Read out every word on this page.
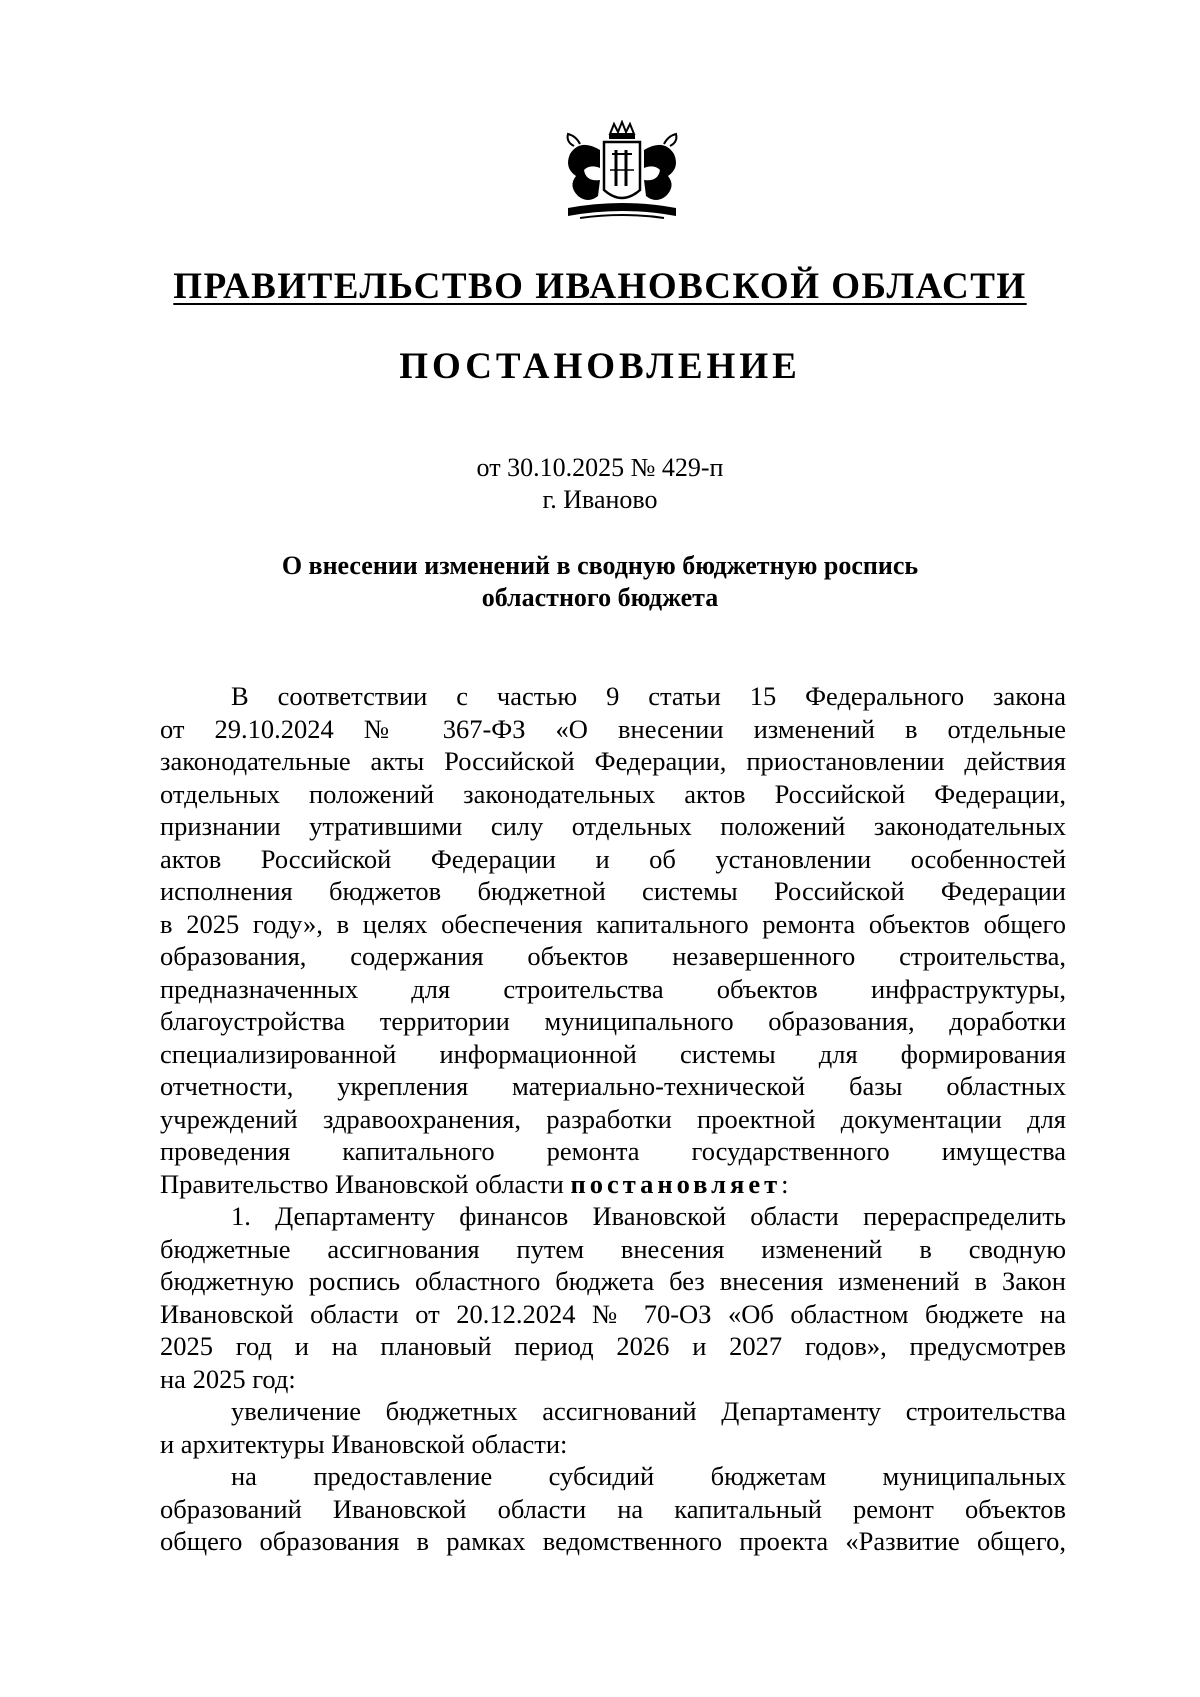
ПРАВИТЕЛЬСТВО ИВАНОВСКОЙ ОБЛАСТИ
ПОСТАНОВЛЕНИЕ
от 30.10.2025 № 429-п
г. Иваново
О внесении изменений в сводную бюджетную роспись
областного бюджета
В соответствии с частью 9 статьи 15 Федерального закона
от 29.10.2024 № 367-ФЗ «О внесении изменений в отдельные
законодательные акты Российской Федерации, приостановлении действия
отдельных положений законодательных актов Российской Федерации,
признании утратившими силу отдельных положений законодательных
актов Российской Федерации и об установлении особенностей
исполнения бюджетов бюджетной системы Российской Федерации
в 2025 году», в целях обеспечения капитального ремонта объектов общего
образования, содержания объектов незавершенного строительства,
предназначенных для строительства объектов инфраструктуры,
благоустройства территории муниципального образования, доработки
специализированной информационной системы для формирования
отчетности, укрепления материально-технической базы областных
учреждений здравоохранения, разработки проектной документации для
проведения капитального ремонта государственного имущества
Правительство Ивановской области постановляет:
1. Департаменту финансов Ивановской области перераспределить
бюджетные ассигнования путем внесения изменений в сводную
бюджетную роспись областного бюджета без внесения изменений в Закон
Ивановской области от 20.12.2024 № 70-ОЗ «Об областном бюджете на
2025 год и на плановый период 2026 и 2027 годов», предусмотрев
на 2025 год:
увеличение бюджетных ассигнований Департаменту строительства
и архитектуры Ивановской области:
на предоставление субсидий бюджетам муниципальных
образований Ивановской области на капитальный ремонт объектов
общего образования в рамках ведомственного проекта «Развитие общего,
